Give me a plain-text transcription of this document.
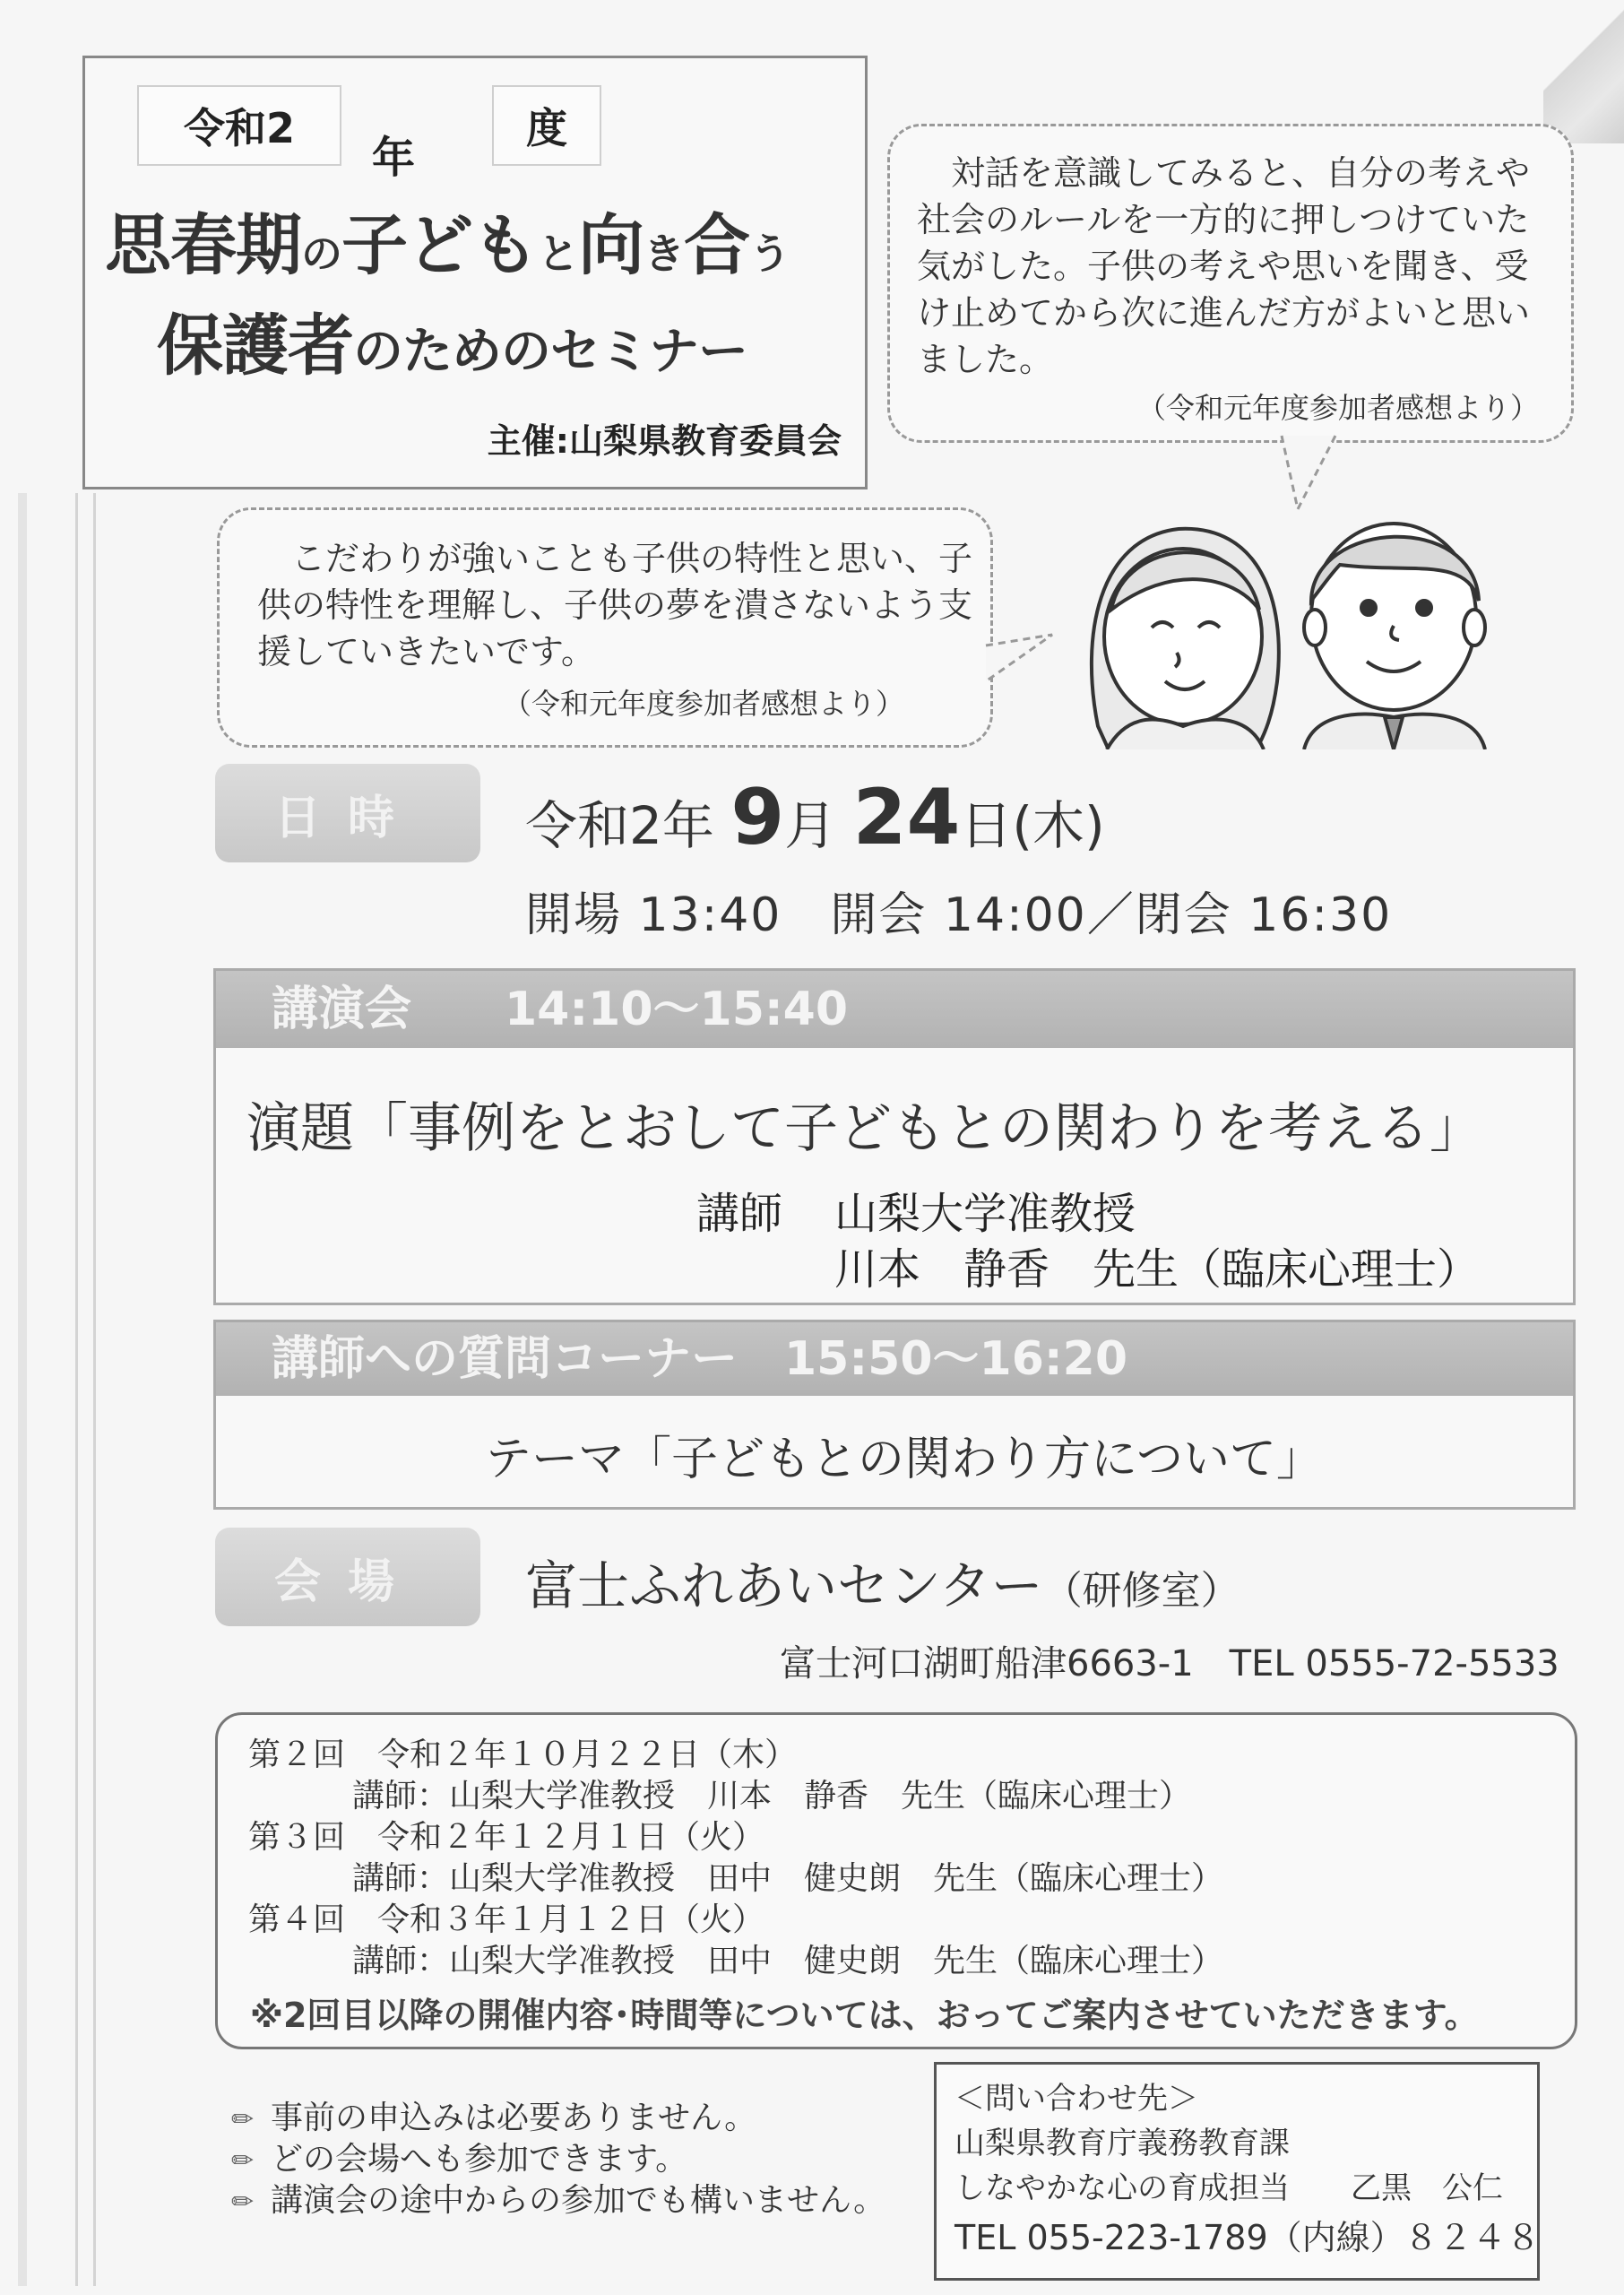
令和2
年
度
思春期の子どもと向き合う
保護者のためのセミナー
主催:山梨県教育委員会
　対話を意識してみると、自分の考えや社会のルールを一方的に押しつけていた気がした。子供の考えや思いを聞き、受け止めてから次に進んだ方がよいと思いました。
（令和元年度参加者感想より）
　こだわりが強いことも子供の特性と思い、子供の特性を理解し、子供の夢を潰さないよう支援していきたいです。
（令和元年度参加者感想より）
日時	令和2年 9月 24日(木)
開場 13:40　開会 14:00／閉会 16:30
講演会　　14:10〜15:40
演題「事例をとおして子どもとの関わりを考える」
講師 山梨大学准教授
川本　静香　先生（臨床心理士）
講師への質問コーナー　15:50〜16:20
テーマ「子どもとの関わり方について」
会場	富士ふれあいセンター（研修室）
富士河口湖町船津6663-1　TEL 0555-72-5533
第２回　令和２年１０月２２日（木）
講師：山梨大学准教授　川本　静香　先生（臨床心理士）
第３回　令和２年１２月１日（火）
講師：山梨大学准教授　田中　健史朗　先生（臨床心理士）
第４回　令和３年１月１２日（火）
講師：山梨大学准教授　田中　健史朗　先生（臨床心理士）
※2回目以降の開催内容･時間等については、おってご案内させていただきます。
✏ 事前の申込みは必要ありません。
✏ どの会場へも参加できます。
✏ 講演会の途中からの参加でも構いません。
＜問い合わせ先＞
山梨県教育庁義務教育課
しなやかな心の育成担当　　乙黒　公仁
TEL 055-223-1789（内線）８２４８
